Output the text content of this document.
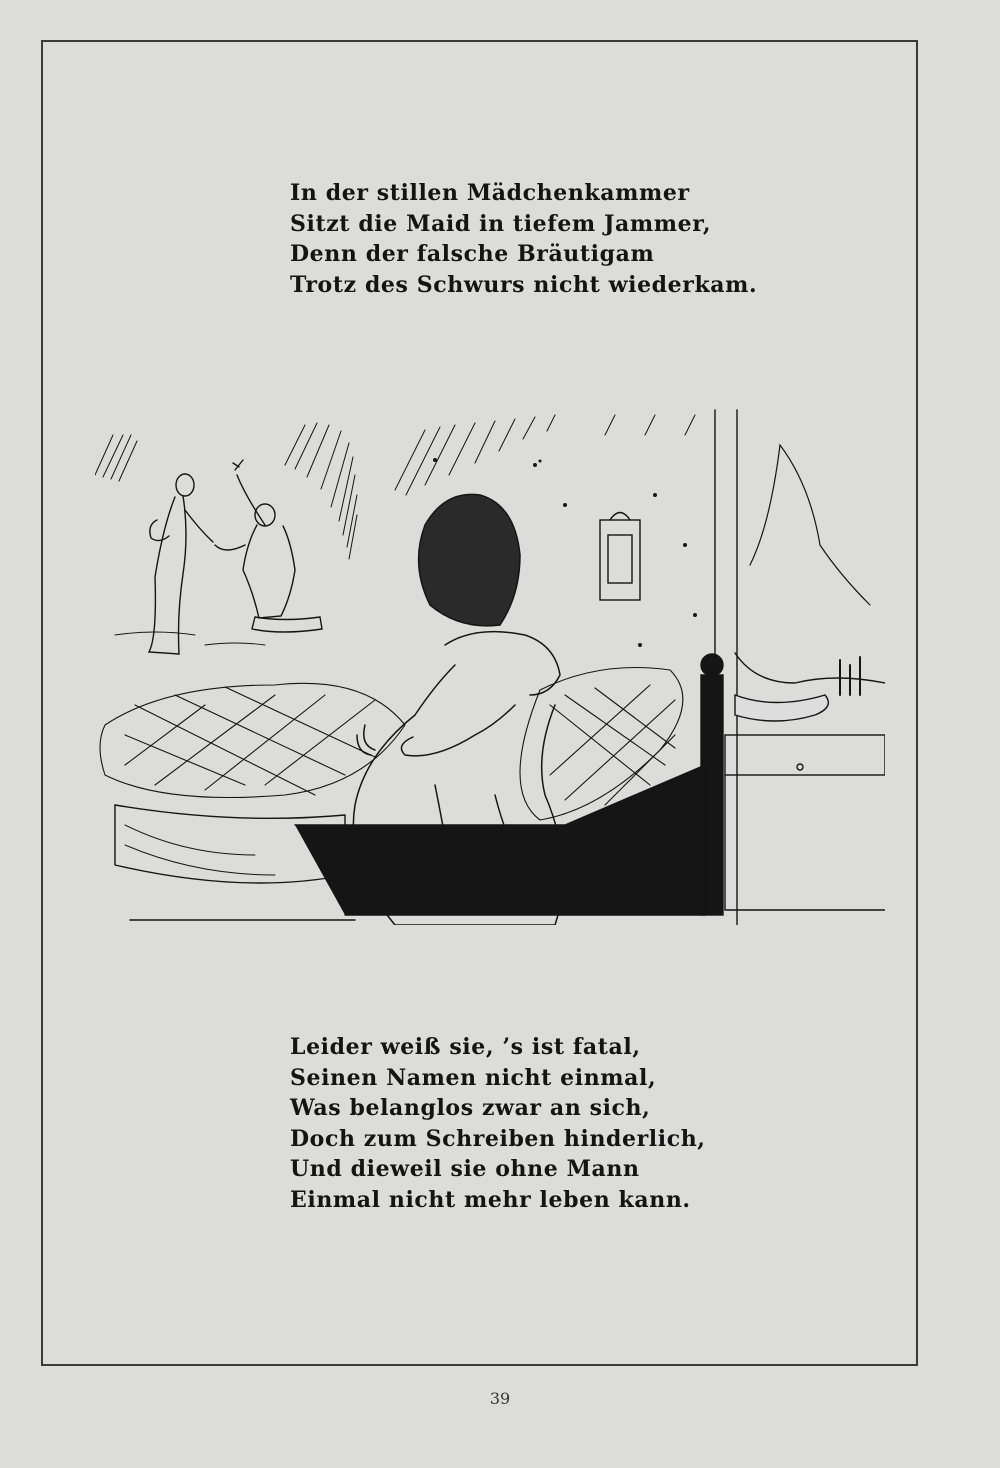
In der stillen Mädchenkammer
Sitzt die Maid in tiefem Jammer,
Denn der falsche Bräutigam
Trotz des Schwurs nicht wiederkam.
Leider weiß sie, ’s ist fatal,
Seinen Namen nicht einmal,
Was belanglos zwar an sich,
Doch zum Schreiben hinderlich,
Und dieweil sie ohne Mann
Einmal nicht mehr leben kann.
39
